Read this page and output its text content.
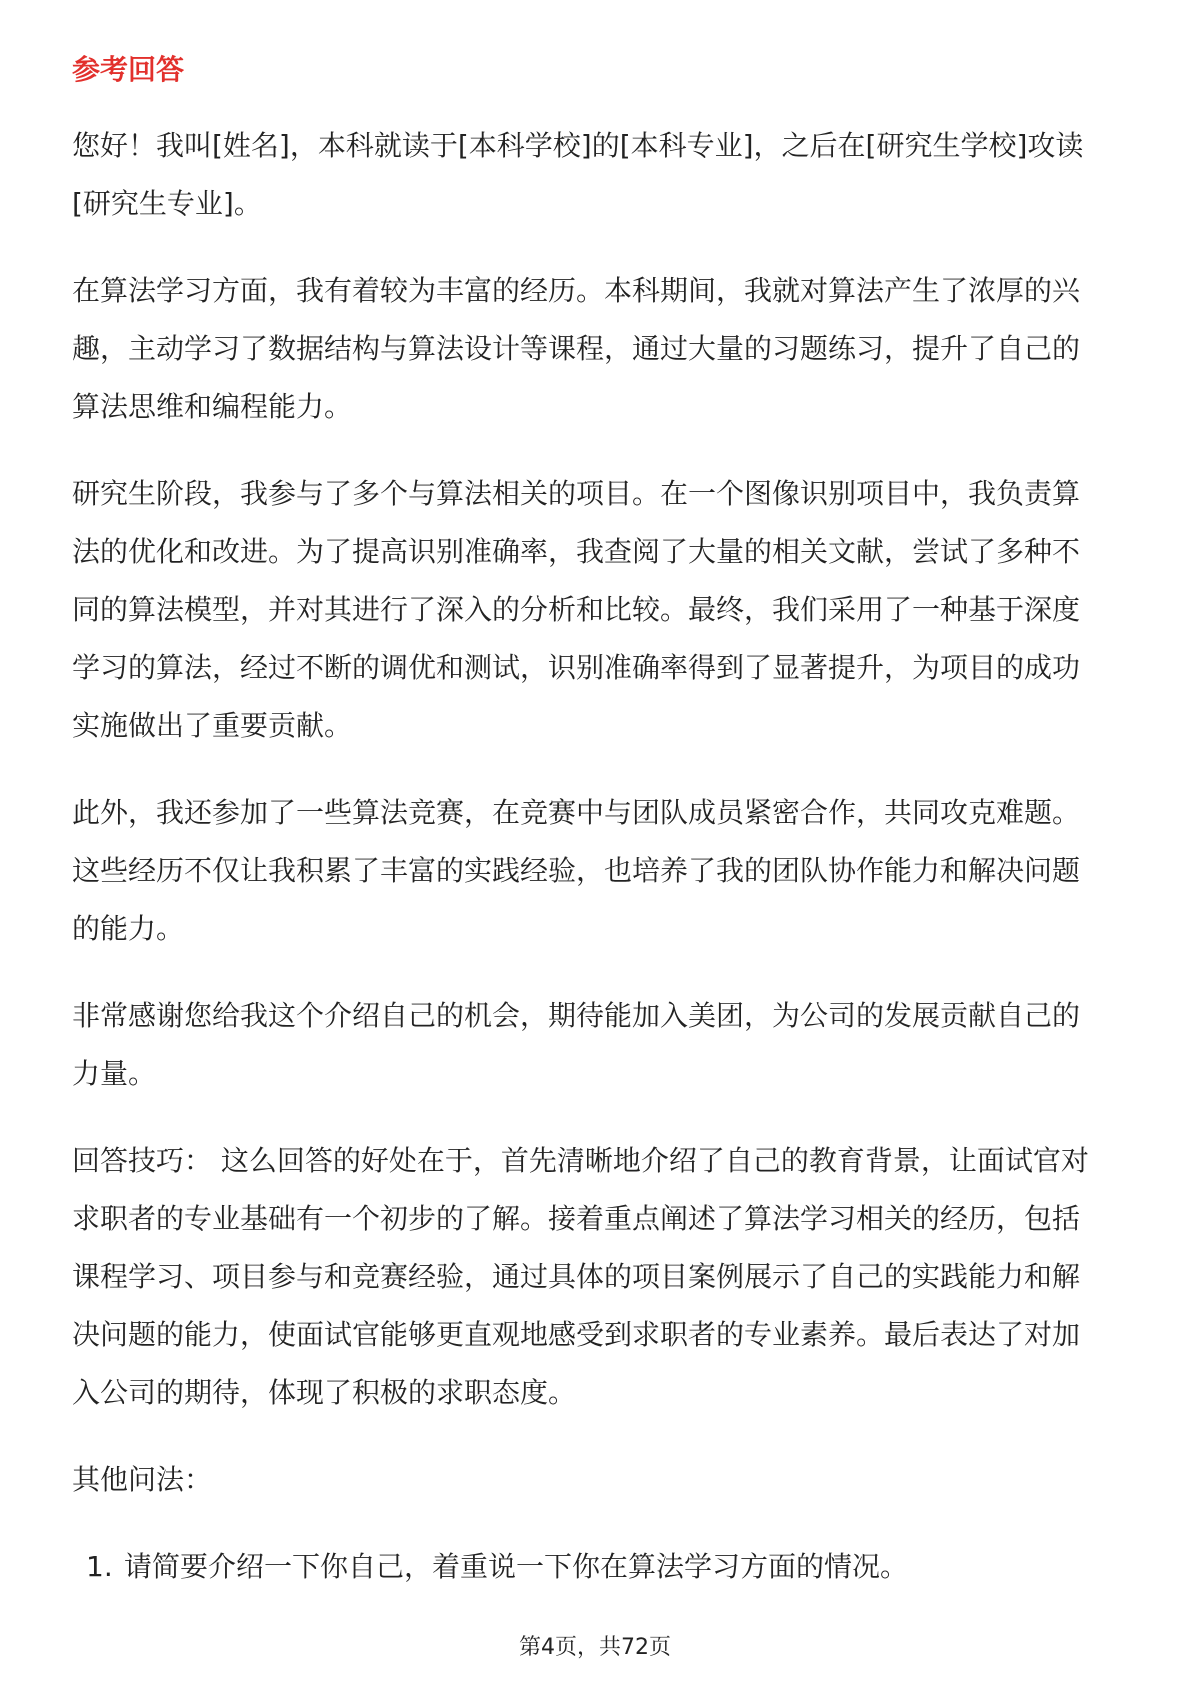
参考回答
您好！我叫[姓名]，本科就读于[本科学校]的[本科专业]，之后在[研究生学校]攻读
[研究生专业]。
在算法学习方面，我有着较为丰富的经历。本科期间，我就对算法产生了浓厚的兴
趣，主动学习了数据结构与算法设计等课程，通过大量的习题练习，提升了自己的
算法思维和编程能力。
研究生阶段，我参与了多个与算法相关的项目。在一个图像识别项目中，我负责算
法的优化和改进。为了提高识别准确率，我查阅了大量的相关文献，尝试了多种不
同的算法模型，并对其进行了深入的分析和比较。最终，我们采用了一种基于深度
学习的算法，经过不断的调优和测试，识别准确率得到了显著提升，为项目的成功
实施做出了重要贡献。
此外，我还参加了一些算法竞赛，在竞赛中与团队成员紧密合作，共同攻克难题。
这些经历不仅让我积累了丰富的实践经验，也培养了我的团队协作能力和解决问题
的能力。
非常感谢您给我这个介绍自己的机会，期待能加入美团，为公司的发展贡献自己的
力量。
回答技巧： 这么回答的好处在于，首先清晰地介绍了自己的教育背景，让面试官对
求职者的专业基础有一个初步的了解。接着重点阐述了算法学习相关的经历，包括
课程学习、项目参与和竞赛经验，通过具体的项目案例展示了自己的实践能力和解
决问题的能力，使面试官能够更直观地感受到求职者的专业素养。最后表达了对加
入公司的期待，体现了积极的求职态度。
其他问法：
1. 请简要介绍一下你自己，着重说一下你在算法学习方面的情况。
第4页，共72页
